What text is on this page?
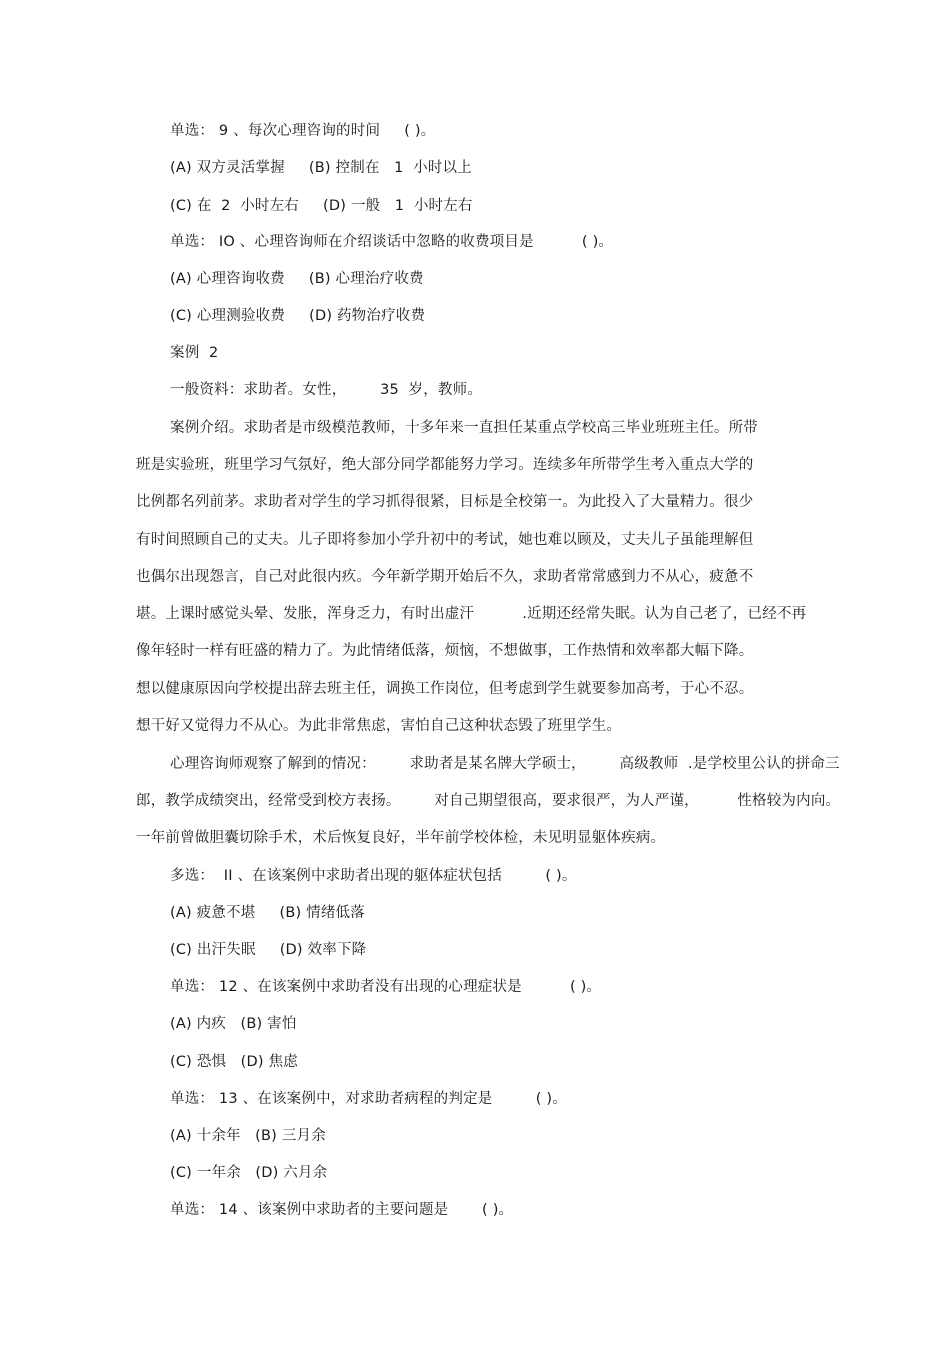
单选： 9 、每次心理咨询的时间     ( )。
(A) 双方灵活掌握     (B) 控制在   1  小时以上
(C) 在  2  小时左右     (D) 一般   1  小时左右
单选： IO 、心理咨询师在介绍谈话中忽略的收费项目是          ( )。
(A) 心理咨询收费     (B) 心理治疗收费
(C) 心理测验收费     (D) 药物治疗收费
案例  2
一般资料：求助者。女性，       35  岁，教师。
案例介绍。求助者是市级模范教师，十多年来一直担任某重点学校高三毕业班班主任。所带
班是实验班，班里学习气氛好，绝大部分同学都能努力学习。连续多年所带学生考入重点大学的
比例都名列前茅。求助者对学生的学习抓得很紧，目标是全校第一。为此投入了大量精力。很少
有时间照顾自己的丈夫。儿子即将参加小学升初中的考试，她也难以顾及，丈夫儿子虽能理解但
也偶尔出现怨言，自己对此很内疚。今年新学期开始后不久，求助者常常感到力不从心，疲惫不
堪。上课时感觉头晕、发胀，浑身乏力，有时出虚汗          .近期还经常失眠。认为自己老了，已经不再
像年轻时一样有旺盛的精力了。为此情绪低落，烦恼，不想做事，工作热情和效率都大幅下降。
想以健康原因向学校提出辞去班主任，调换工作岗位，但考虑到学生就要参加高考，于心不忍。
想干好又觉得力不从心。为此非常焦虑，害怕自己这种状态毁了班里学生。
心理咨询师观察了解到的情况：       求助者是某名牌大学硕士，       高级教师  .是学校里公认的拼命三
郎，教学成绩突出，经常受到校方表扬。       对自己期望很高，要求很严，为人严谨，        性格较为内向。
一年前曾做胆囊切除手术，术后恢复良好，半年前学校体检，未见明显躯体疾病。
多选：  II 、在该案例中求助者出现的躯体症状包括         ( )。
(A) 疲惫不堪     (B) 情绪低落
(C) 出汗失眠     (D) 效率下降
单选： 12 、在该案例中求助者没有出现的心理症状是          ( )。
(A) 内疚   (B) 害怕
(C) 恐惧   (D) 焦虑
单选： 13 、在该案例中，对求助者病程的判定是         ( )。
(A) 十余年   (B) 三月余
(C) 一年余   (D) 六月余
单选： 14 、该案例中求助者的主要问题是       ( )。
